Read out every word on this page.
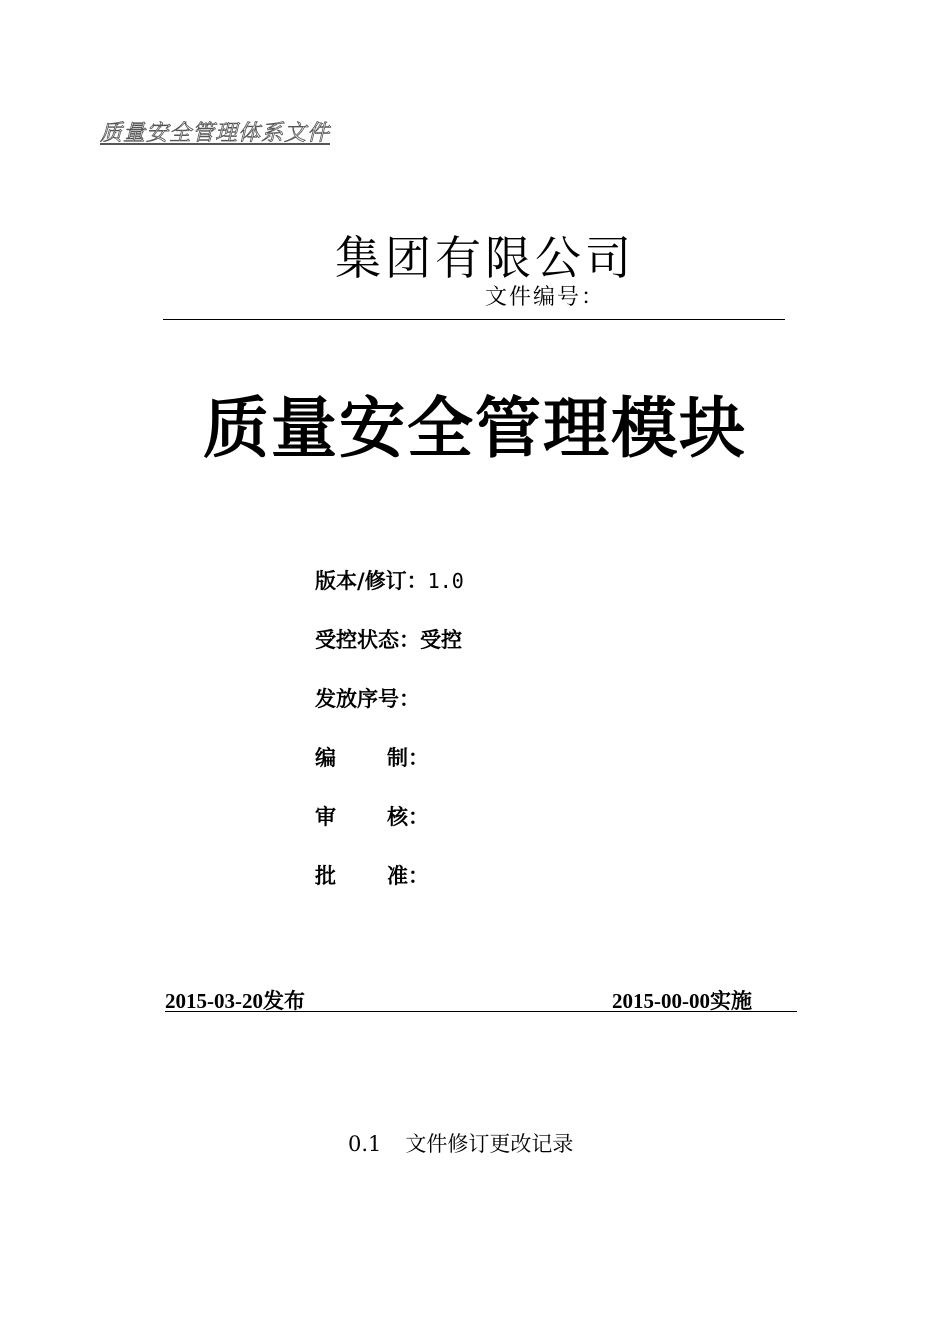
质量安全管理体系文件
集团有限公司
文件编号：
质量安全管理模块
版本/修订：1.0
受控状态：受控
发放序号：
编 制：
审 核：
批 准：
2015-03-20发布	2015-00-00实施
0.1 文件修订更改记录
